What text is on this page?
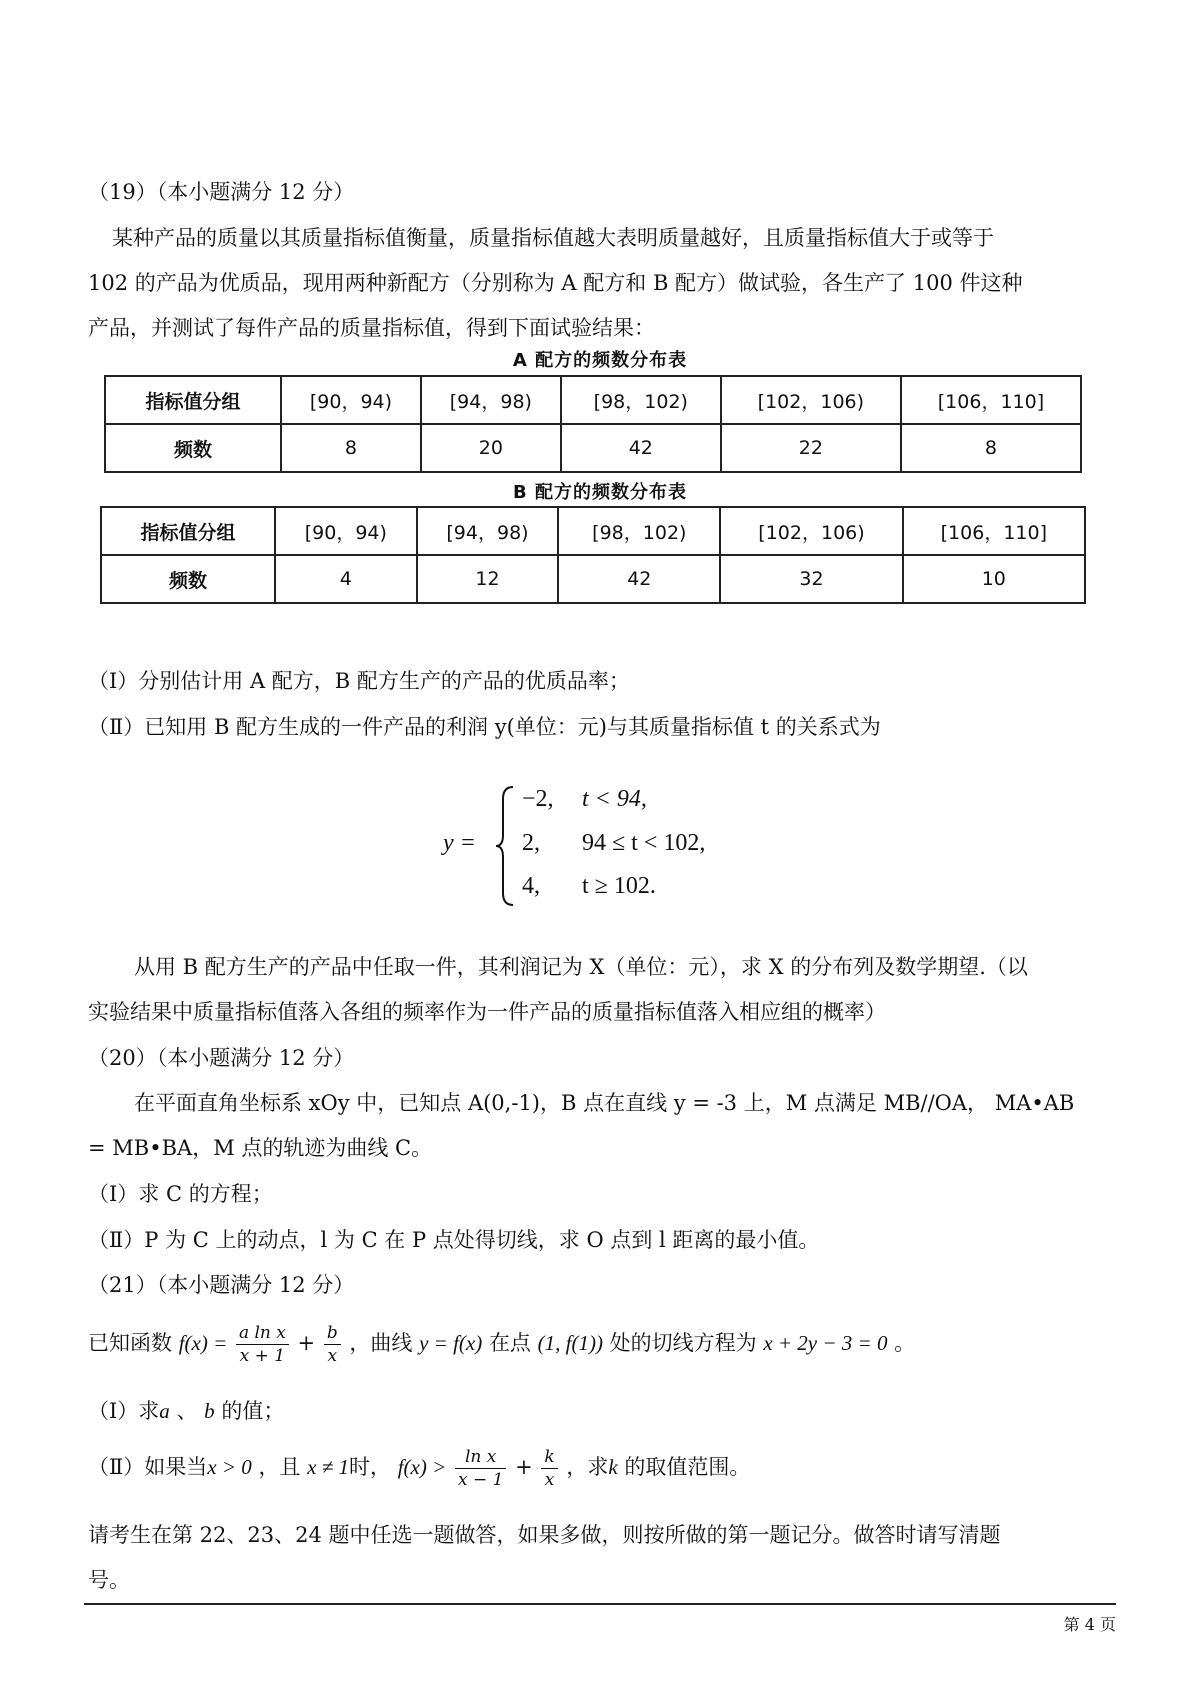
（19）（本小题满分 12 分）
某种产品的质量以其质量指标值衡量，质量指标值越大表明质量越好，且质量指标值大于或等于
102 的产品为优质品，现用两种新配方（分别称为 A 配方和 B 配方）做试验，各生产了 100 件这种
产品，并测试了每件产品的质量指标值，得到下面试验结果：
A 配方的频数分布表
指标值分组	[90，94)	[94，98)	[98，102)	[102，106)	[106，110]
频数	8	20	42	22	8
B 配方的频数分布表
指标值分组	[90，94)	[94，98)	[98，102)	[102，106)	[106，110]
频数	4	12	42	32	10
（Ⅰ）分别估计用 A 配方，B 配方生产的产品的优质品率；
（Ⅱ）已知用 B 配方生成的一件产品的利润 y(单位：元)与其质量指标值 t 的关系式为
y =
−2, t < 94,
2, 94 ≤ t < 102,
4, t ≥ 102.
从用 B 配方生产的产品中任取一件，其利润记为 X（单位：元），求 X 的分布列及数学期望.（以
实验结果中质量指标值落入各组的频率作为一件产品的质量指标值落入相应组的概率）
（20）（本小题满分 12 分）
在平面直角坐标系 xOy 中，已知点 A(0,-1)，B 点在直线 y = -3 上，M 点满足 MB//OA， MA•AB
= MB•BA，M 点的轨迹为曲线 C。
（Ⅰ）求 C 的方程；
（Ⅱ）P 为 C 上的动点，l 为 C 在 P 点处得切线，求 O 点到 l 距离的最小值。
（21）（本小题满分 12 分）
已知函数 $f(x) = \frac{\text{a ln x}}{x + 1} + \frac{b}{x}$ ，曲线 y = f(x) 在点 (1, f(1)) 处的切线方程为 x + 2y − 3 = 0 。
（Ⅰ）求a 、 b 的值；
（Ⅱ）如果当x > 0 ，且 x ≠ 1时， $f(x) > \frac{\text{ln x}}{x - 1} + \frac{k}{x}$ ，求k 的取值范围。
请考生在第 22、23、24 题中任选一题做答，如果多做，则按所做的第一题记分。做答时请写清题
号。
第 4 页
